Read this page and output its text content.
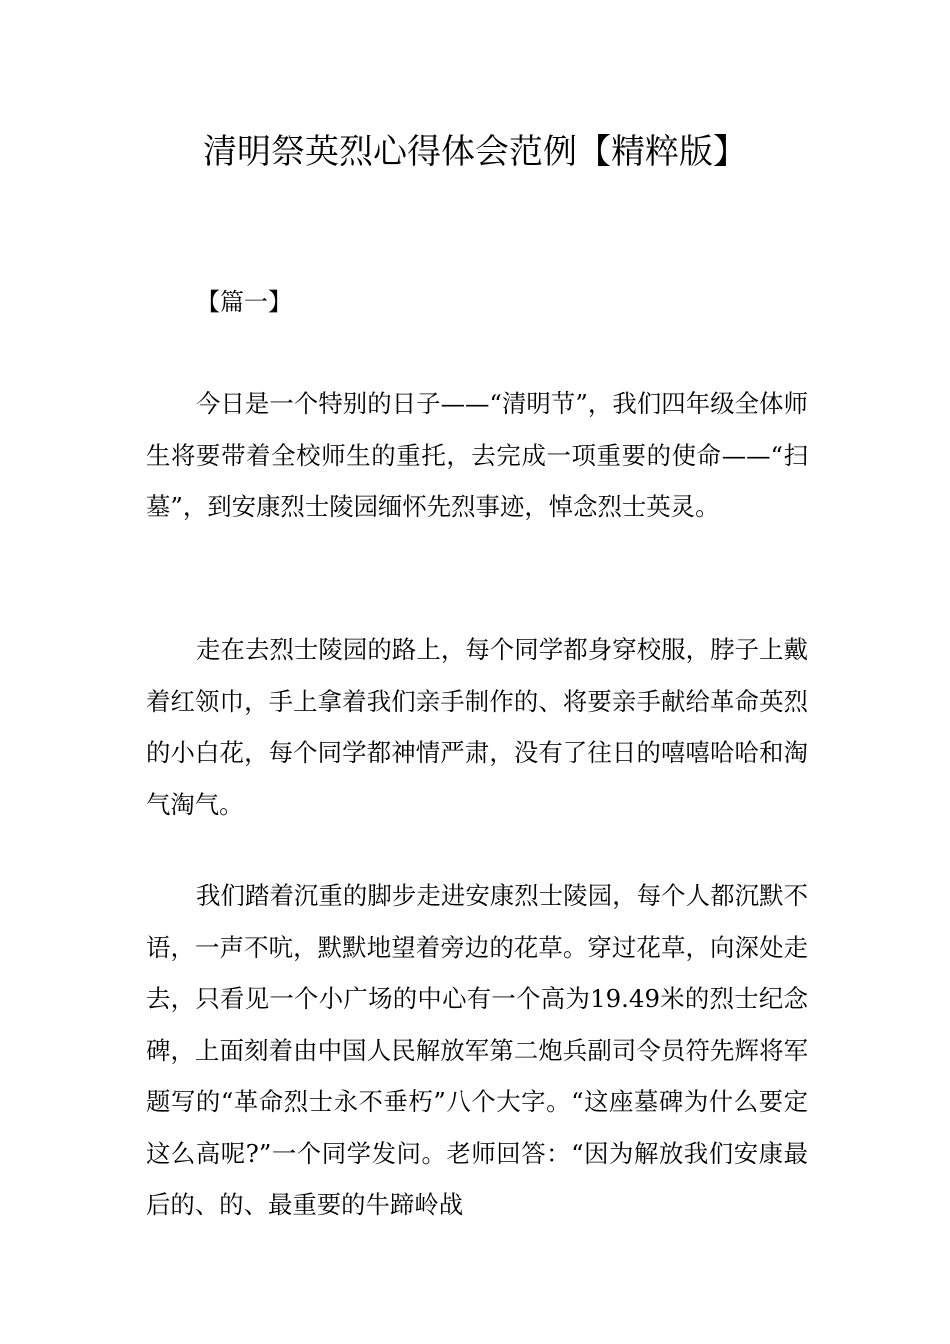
清明祭英烈心得体会范例【精粹版】

【篇一】

今日是一个特别的日子——“清明节”，我们四年级全体师生将要带着全校师生的重托，去完成一项重要的使命——“扫墓”，到安康烈士陵园缅怀先烈事迹，悼念烈士英灵。

走在去烈士陵园的路上，每个同学都身穿校服，脖子上戴着红领巾，手上拿着我们亲手制作的、将要亲手献给革命英烈的小白花，每个同学都神情严肃，没有了往日的嘻嘻哈哈和淘气淘气。

我们踏着沉重的脚步走进安康烈士陵园，每个人都沉默不语，一声不吭，默默地望着旁边的花草。穿过花草，向深处走去，只看见一个小广场的中心有一个高为19.49米的烈士纪念碑，上面刻着由中国人民解放军第二炮兵副司令员符先辉将军题写的“革命烈士永不垂朽”八个大字。“这座墓碑为什么要定这么高呢?”一个同学发问。老师回答：“因为解放我们安康最后的、的、最重要的牛蹄岭战
